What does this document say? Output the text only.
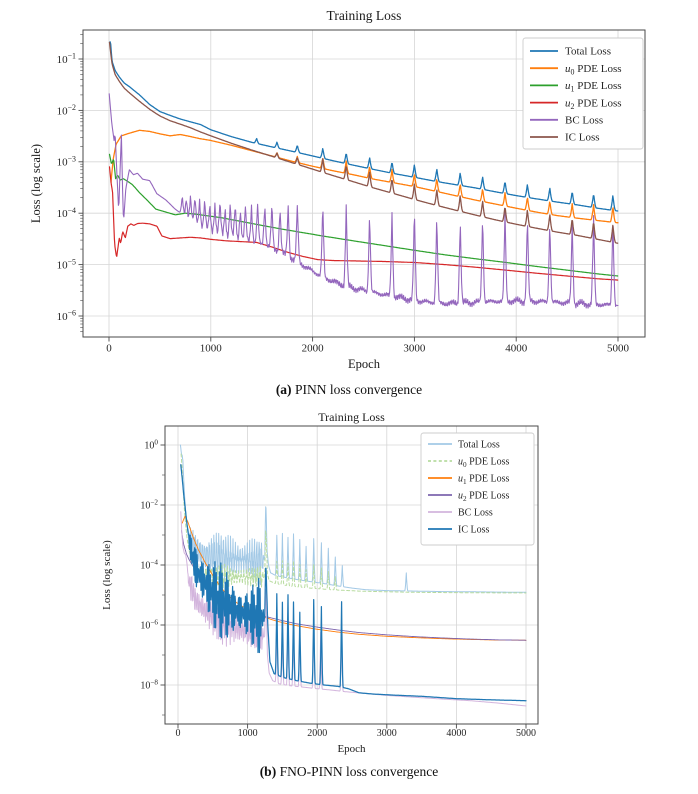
0	1000	2000	3000	4000	5000
$10^{-1}$
$10^{-2}$
$10^{-3}$
$10^{-4}$
$10^{-5}$
$10^{-6}$
Training Loss
Epoch
Loss (log scale)
Total Loss
$u_0$ PDE Loss
$u_1$ PDE Loss
$u_2$ PDE Loss
BC Loss
IC Loss
(a) PINN loss convergence
0	1000	2000	3000	4000	5000
$10^0$
$10^{-2}$
$10^{-4}$
$10^{-6}$
$10^{-8}$
Training Loss
Epoch
Loss (log scale)
Total Loss
$u_0$ PDE Loss
$u_1$ PDE Loss
$u_2$ PDE Loss
BC Loss
IC Loss
(b) FNO-PINN loss convergence
